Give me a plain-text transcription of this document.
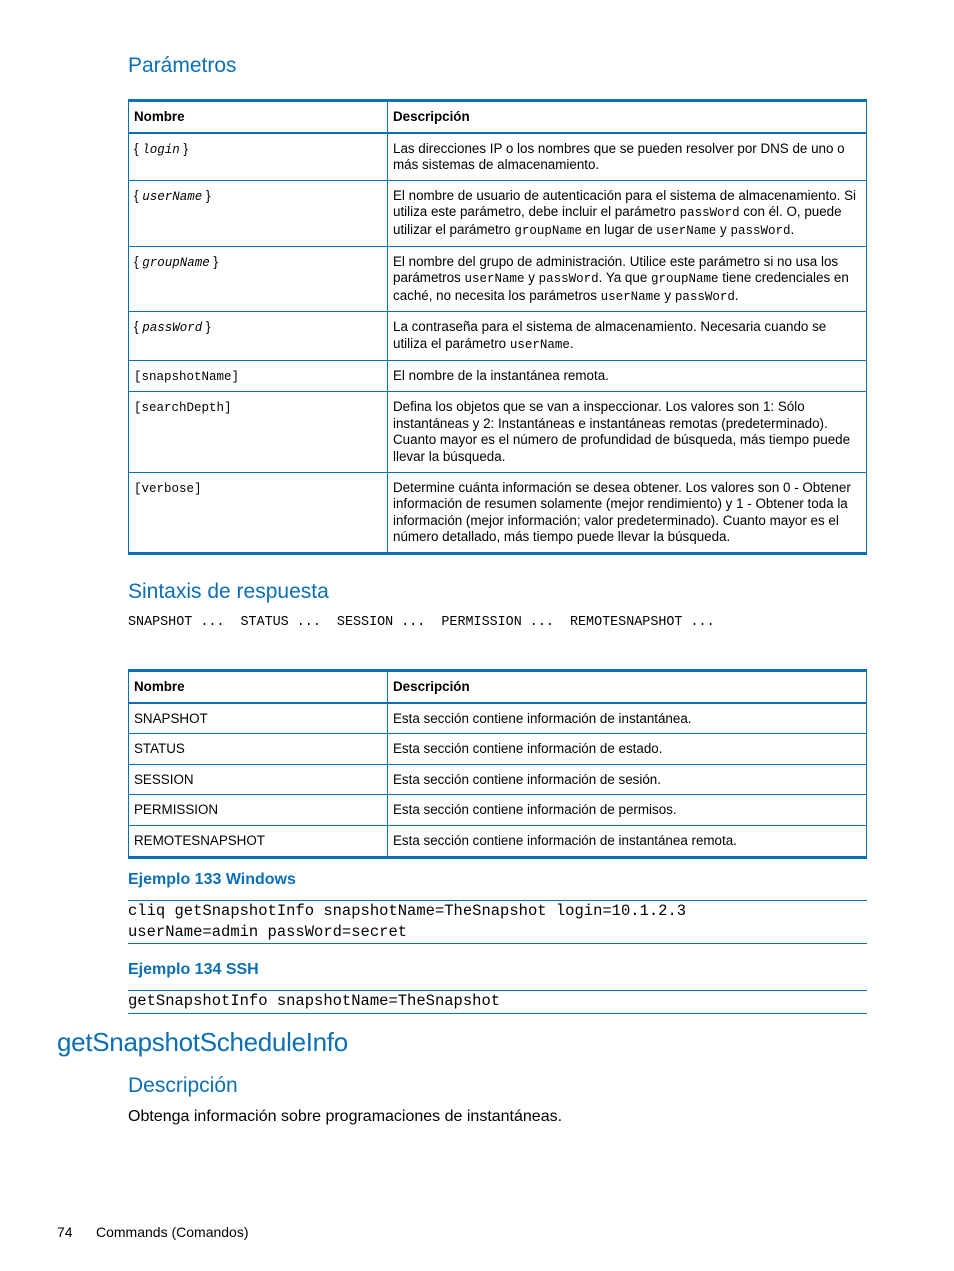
Parámetros
Nombre	Descripción
{ login }	Las direcciones IP o los nombres que se pueden resolver por DNS de uno o más sistemas de almacenamiento.
{ userName }	El nombre de usuario de autenticación para el sistema de almacenamiento. Si utiliza este parámetro, debe incluir el parámetro passWord con él. O, puede utilizar el parámetro groupName en lugar de userName y passWord.
{ groupName }	El nombre del grupo de administración. Utilice este parámetro si no usa los parámetros userName y passWord. Ya que groupName tiene credenciales en caché, no necesita los parámetros userName y passWord.
{ passWord }	La contraseña para el sistema de almacenamiento. Necesaria cuando se utiliza el parámetro userName.
[snapshotName]	El nombre de la instantánea remota.
[searchDepth]	Defina los objetos que se van a inspeccionar. Los valores son 1: Sólo instantáneas y 2: Instantáneas e instantáneas remotas (predeterminado). Cuanto mayor es el número de profundidad de búsqueda, más tiempo puede llevar la búsqueda.
[verbose]	Determine cuánta información se desea obtener. Los valores son 0 - Obtener información de resumen solamente (mejor rendimiento) y 1 - Obtener toda la información (mejor información; valor predeterminado). Cuanto mayor es el número detallado, más tiempo puede llevar la búsqueda.
Sintaxis de respuesta
SNAPSHOT ...  STATUS ...  SESSION ...  PERMISSION ...  REMOTESNAPSHOT ...
Nombre	Descripción
SNAPSHOT	Esta sección contiene información de instantánea.
STATUS	Esta sección contiene información de estado.
SESSION	Esta sección contiene información de sesión.
PERMISSION	Esta sección contiene información de permisos.
REMOTESNAPSHOT	Esta sección contiene información de instantánea remota.
Ejemplo 133 Windows
cliq getSnapshotInfo snapshotName=TheSnapshot login=10.1.2.3
userName=admin passWord=secret
Ejemplo 134 SSH
getSnapshotInfo snapshotName=TheSnapshot
getSnapshotScheduleInfo
Descripción
Obtenga información sobre programaciones de instantáneas.
74 Commands (Comandos)
